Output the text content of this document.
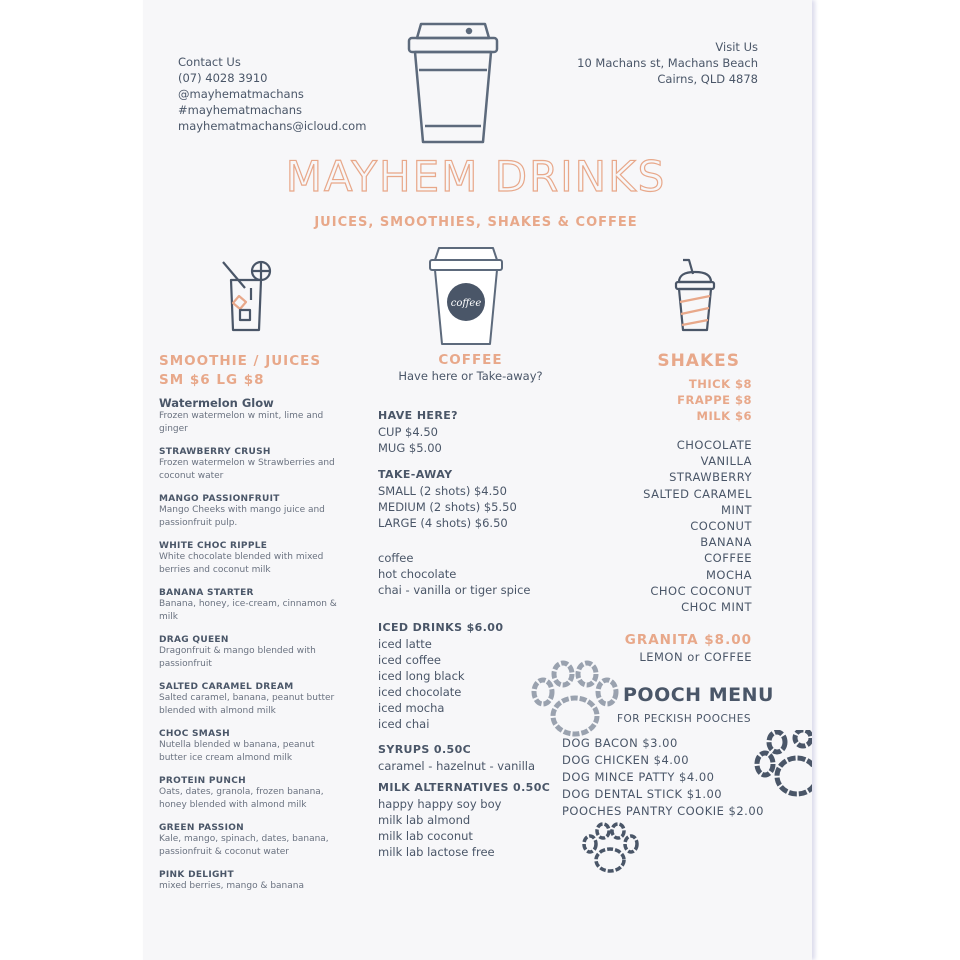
Contact Us
(07) 4028 3910
@mayhematmachans
#mayhematmachans
mayhematmachans@icloud.com
Visit Us
10 Machans st, Machans Beach
Cairns, QLD 4878
MAYHEM DRINKS
JUICES, SMOOTHIES, SHAKES & COFFEE
coffee
SMOOTHIE / JUICES
SM $6 LG $8
Watermelon Glow
Frozen watermelon w mint, lime and ginger
STRAWBERRY CRUSH
Frozen watermelon w Strawberries and coconut water
MANGO PASSIONFRUIT
Mango Cheeks with mango juice and passionfruit pulp.
WHITE CHOC RIPPLE
White chocolate blended with mixed berries and coconut milk
BANANA STARTER
Banana, honey, ice-cream, cinnamon & milk
DRAG QUEEN
Dragonfruit & mango blended with passionfruit
SALTED CARAMEL DREAM
Salted caramel, banana, peanut butter blended with almond milk
CHOC SMASH
Nutella blended w banana, peanut butter ice cream almond milk
PROTEIN PUNCH
Oats, dates, granola, frozen banana, honey blended with almond milk
GREEN PASSION
Kale, mango, spinach, dates, banana, passionfruit & coconut water
PINK DELIGHT
mixed berries, mango & banana
COFFEE
Have here or Take-away?
HAVE HERE?
CUP $4.50
MUG $5.00
TAKE-AWAY
SMALL (2 shots) $4.50
MEDIUM (2 shots) $5.50
LARGE (4 shots) $6.50
coffee
hot chocolate
chai - vanilla or tiger spice
ICED DRINKS $6.00
iced latte
iced coffee
iced long black
iced chocolate
iced mocha
iced chai
SYRUPS 0.50C
caramel - hazelnut - vanilla
MILK ALTERNATIVES 0.50C
happy happy soy boy
milk lab almond
milk lab coconut
milk lab lactose free
SHAKES
THICK $8
FRAPPE $8
MILK $6
CHOCOLATE
VANILLA
STRAWBERRY
SALTED CARAMEL
MINT
COCONUT
BANANA
COFFEE
MOCHA
CHOC COCONUT
CHOC MINT
GRANITA $8.00
LEMON or COFFEE
POOCH MENU
FOR PECKISH POOCHES
DOG BACON $3.00
DOG CHICKEN $4.00
DOG MINCE PATTY $4.00
DOG DENTAL STICK $1.00
POOCHES PANTRY COOKIE $2.00
